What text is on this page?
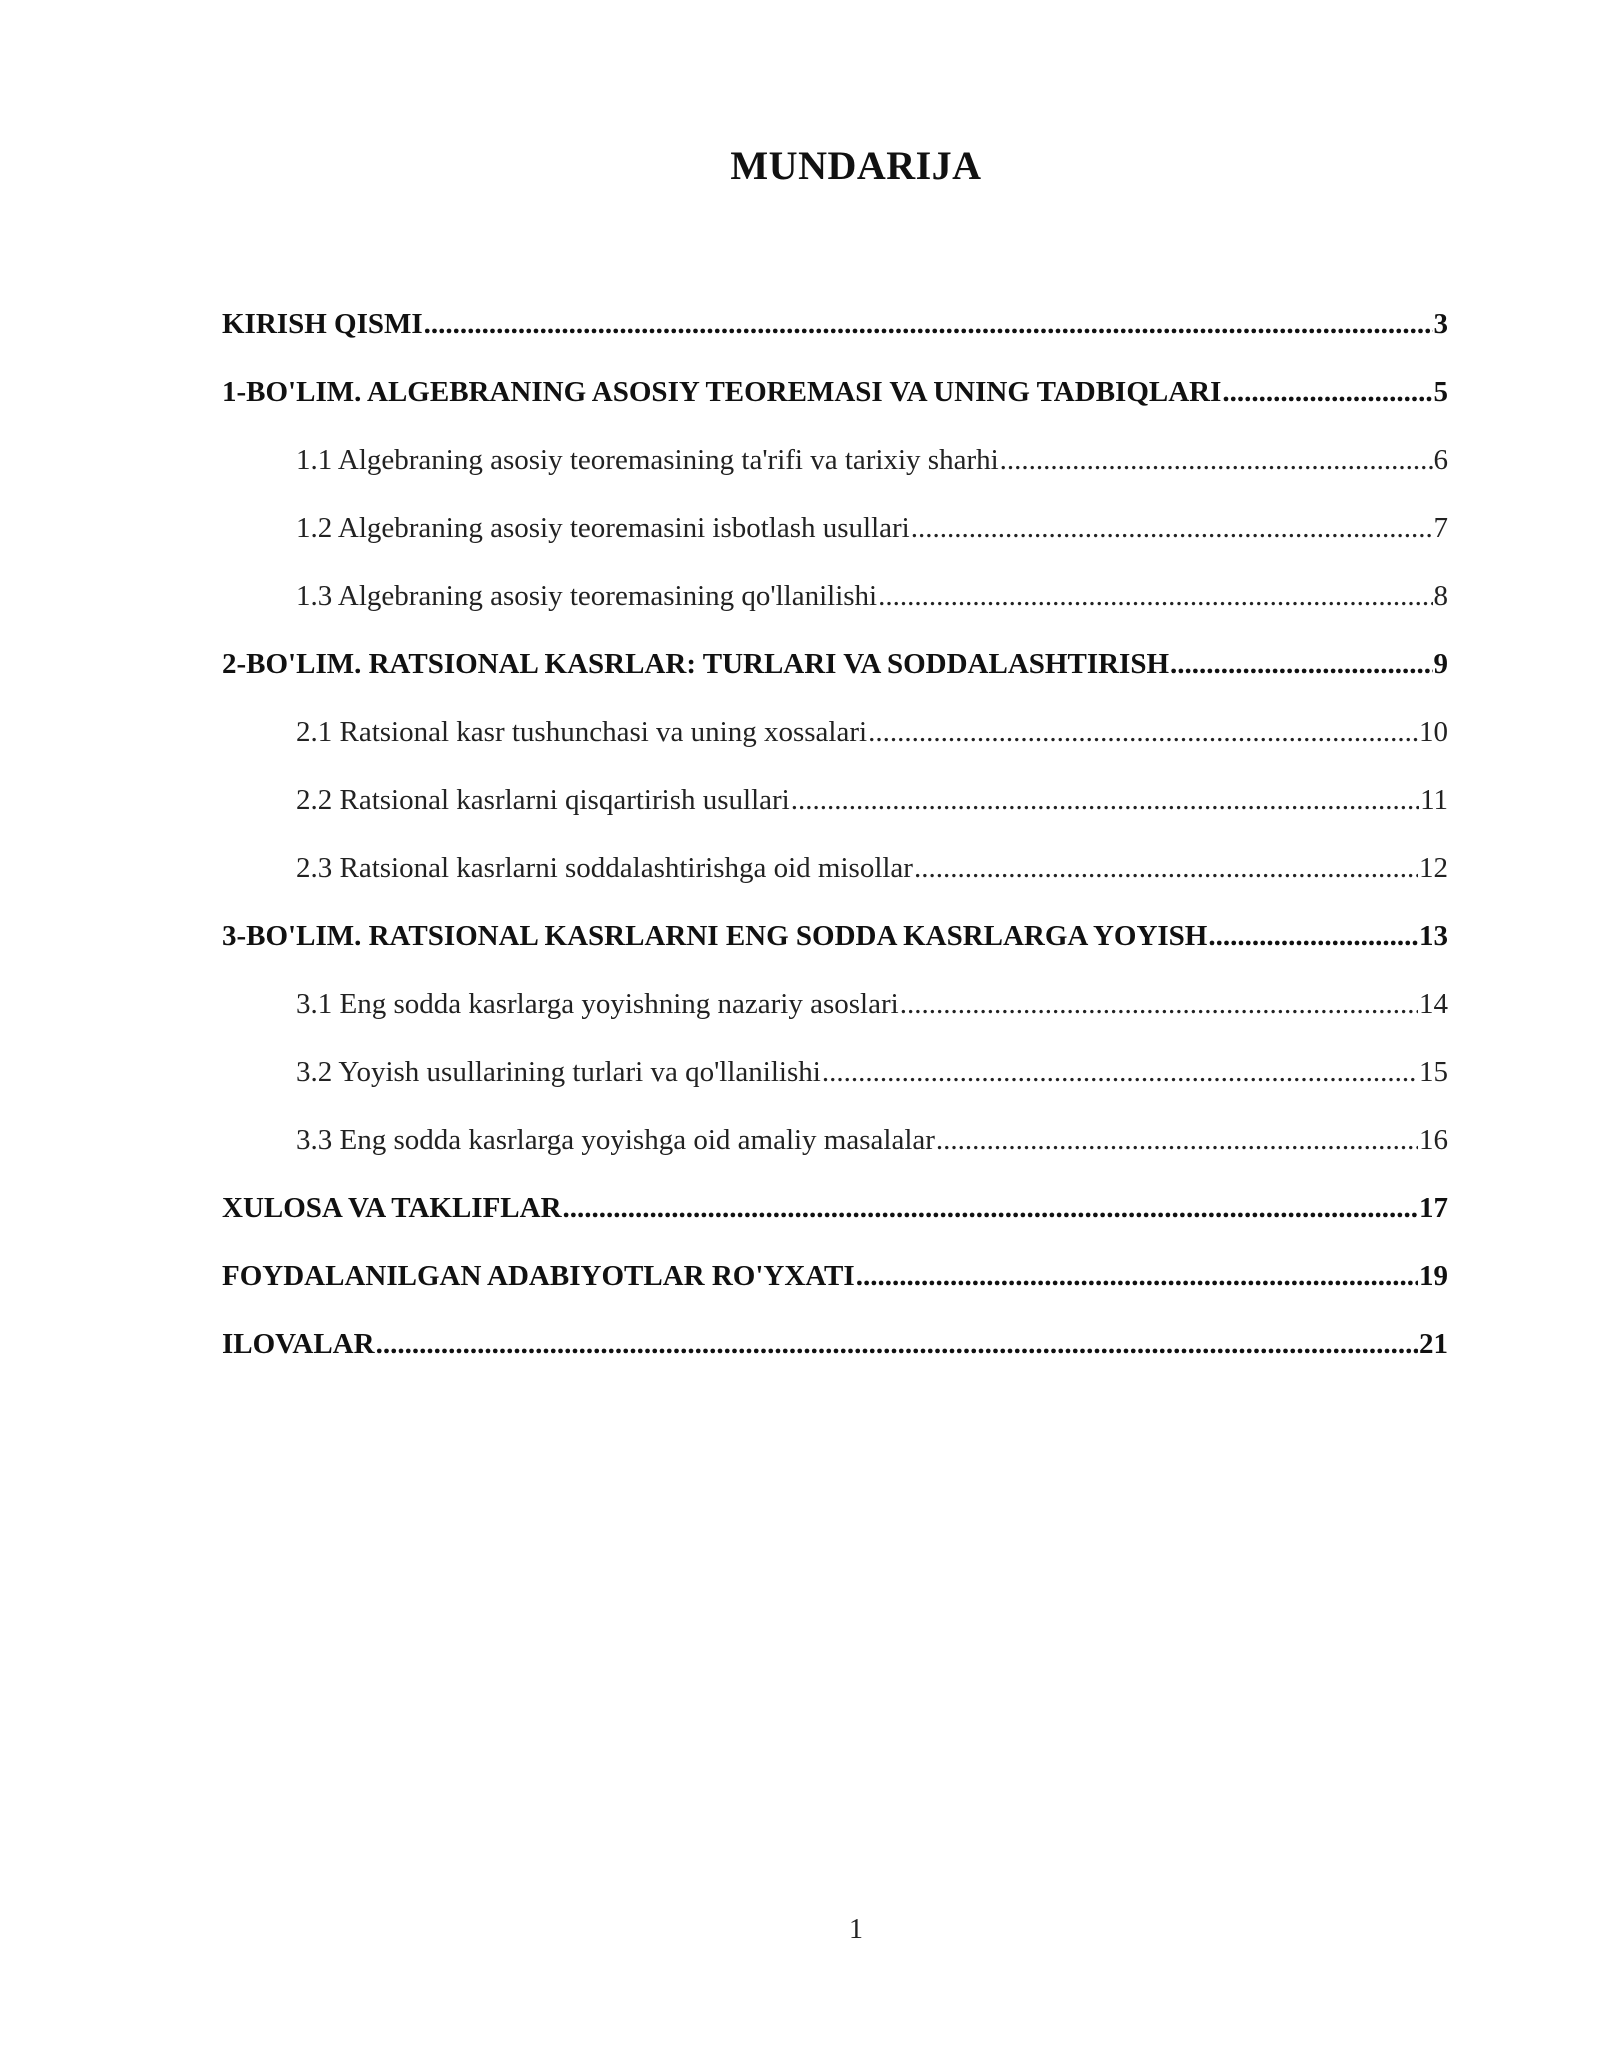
MUNDARIJA
KIRISH QISMI .....	3
1-BO'LIM. ALGEBRANING ASOSIY TEOREMASI VA UNING TADBIQLARI .....	5
1.1 Algebraning asosiy teoremasining ta'rifi va tarixiy sharhi .....	6
1.2 Algebraning asosiy teoremasini isbotlash usullari .....	7
1.3 Algebraning asosiy teoremasining qo'llanilishi .....	8
2-BO'LIM. RATSIONAL KASRLAR: TURLARI VA SODDALASHTIRISH .....	9
2.1 Ratsional kasr tushunchasi va uning xossalari .....	10
2.2 Ratsional kasrlarni qisqartirish usullari .....	11
2.3 Ratsional kasrlarni soddalashtirishga oid misollar .....	12
3-BO'LIM. RATSIONAL KASRLARNI ENG SODDA KASRLARGA YOYISH .....	13
3.1 Eng sodda kasrlarga yoyishning nazariy asoslari .....	14
3.2 Yoyish usullarining turlari va qo'llanilishi .....	15
3.3 Eng sodda kasrlarga yoyishga oid amaliy masalalar .....	16
XULOSA VA TAKLIFLAR .....	17
FOYDALANILGAN ADABIYOTLAR RO'YXATI .....	19
ILOVALAR .....	21
1
